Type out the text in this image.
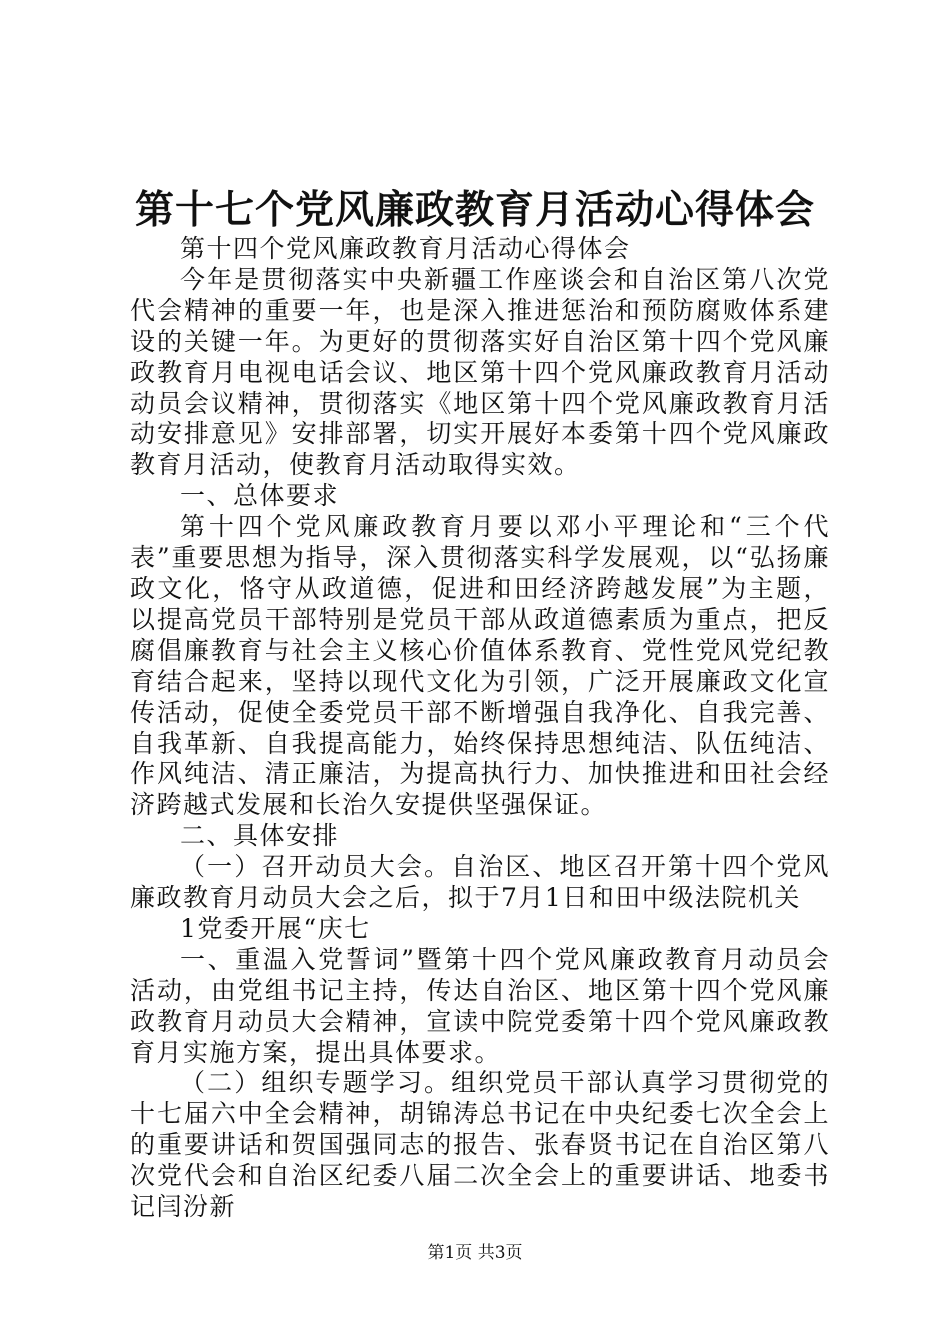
第十七个党风廉政教育月活动心得体会

第十四个党风廉政教育月活动心得体会

今年是贯彻落实中央新疆工作座谈会和自治区第八次党代会精神的重要一年，也是深入推进惩治和预防腐败体系建设的关键一年。为更好的贯彻落实好自治区第十四个党风廉政教育月电视电话会议、地区第十四个党风廉政教育月活动动员会议精神，贯彻落实《地区第十四个党风廉政教育月活动安排意见》安排部署，切实开展好本委第十四个党风廉政教育月活动，使教育月活动取得实效。

一、总体要求

第十四个党风廉政教育月要以邓小平理论和“三个代表”重要思想为指导，深入贯彻落实科学发展观，以“弘扬廉政文化，恪守从政道德，促进和田经济跨越发展”为主题，以提高党员干部特别是党员干部从政道德素质为重点，把反腐倡廉教育与社会主义核心价值体系教育、党性党风党纪教育结合起来，坚持以现代文化为引领，广泛开展廉政文化宣传活动，促使全委党员干部不断增强自我净化、自我完善、自我革新、自我提高能力，始终保持思想纯洁、队伍纯洁、作风纯洁、清正廉洁，为提高执行力、加快推进和田社会经济跨越式发展和长治久安提供坚强保证。

二、具体安排

（一）召开动员大会。自治区、地区召开第十四个党风廉政教育月动员大会之后，拟于7月1日和田中级法院机关

1党委开展“庆七

一、重温入党誓词”暨第十四个党风廉政教育月动员会活动，由党组书记主持，传达自治区、地区第十四个党风廉政教育月动员大会精神，宣读中院党委第十四个党风廉政教育月实施方案，提出具体要求。

（二）组织专题学习。组织党员干部认真学习贯彻党的十七届六中全会精神，胡锦涛总书记在中央纪委七次全会上的重要讲话和贺国强同志的报告、张春贤书记在自治区第八次党代会和自治区纪委八届二次全会上的重要讲话、地委书记闫汾新

第1页 共3页
